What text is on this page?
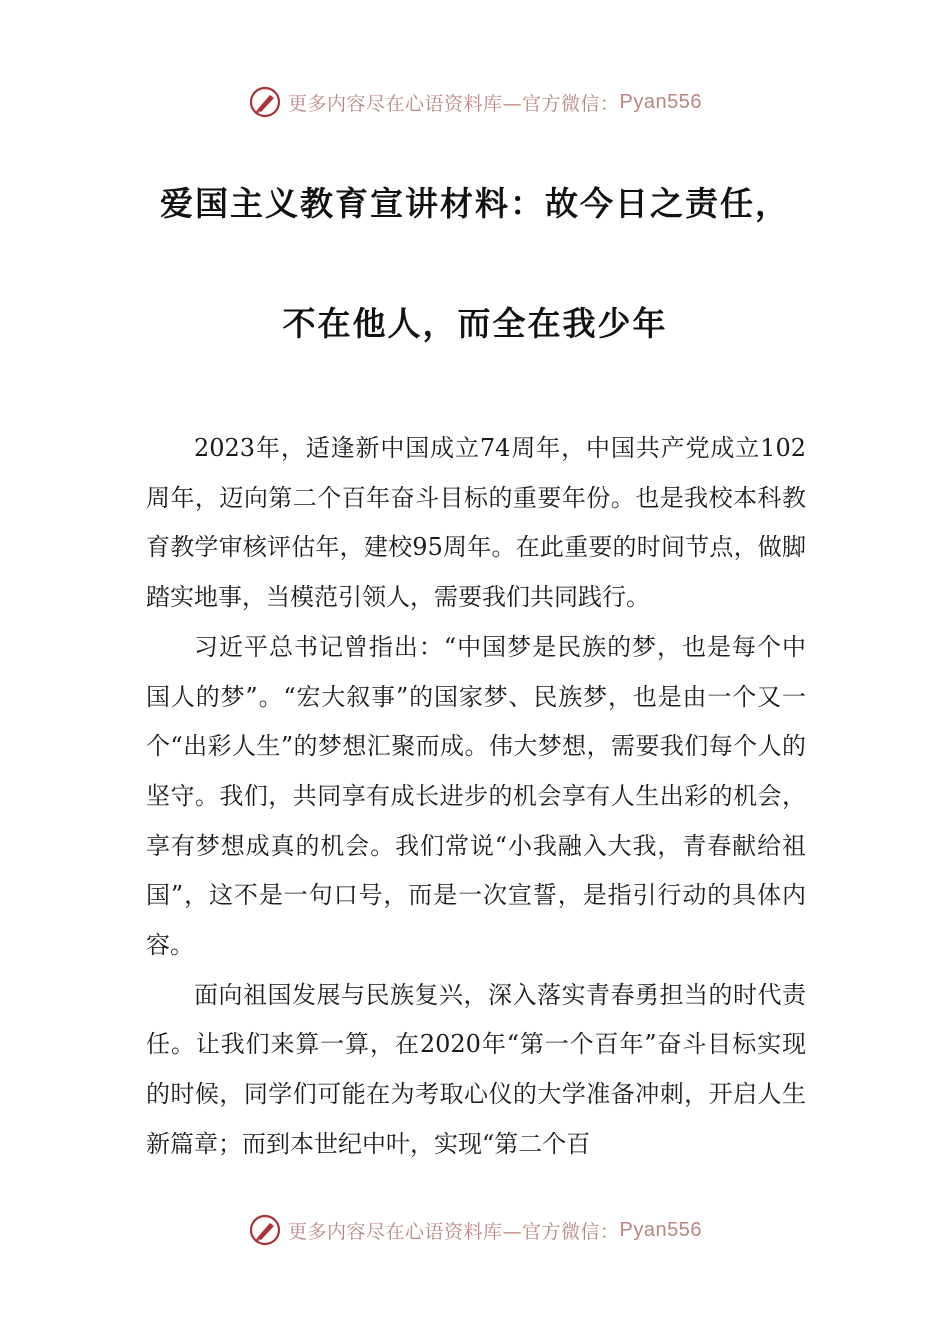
更多内容尽在心语资料库—官方微信： Pyan556
爱国主义教育宣讲材料：故今日之责任，
不在他人，而全在我少年

2023年，适逢新中国成立74周年，中国共产党成立102周年，迈向第二个百年奋斗目标的重要年份。也是我校本科教育教学审核评估年，建校95周年。在此重要的时间节点，做脚踏实地事，当模范引领人，需要我们共同践行。

习近平总书记曾指出：“中国梦是民族的梦，也是每个中国人的梦”。“宏大叙事”的国家梦、民族梦，也是由一个又一个“出彩人生”的梦想汇聚而成。伟大梦想，需要我们每个人的坚守。我们，共同享有成长进步的机会享有人生出彩的机会，享有梦想成真的机会。我们常说“小我融入大我，青春献给祖国”，这不是一句口号，而是一次宣誓，是指引行动的具体内容。

面向祖国发展与民族复兴，深入落实青春勇担当的时代责任。让我们来算一算，在2020年“第一个百年”奋斗目标实现的时候，同学们可能在为考取心仪的大学准备冲刺，开启人生新篇章；而到本世纪中叶，实现“第二个百

更多内容尽在心语资料库—官方微信： Pyan556
